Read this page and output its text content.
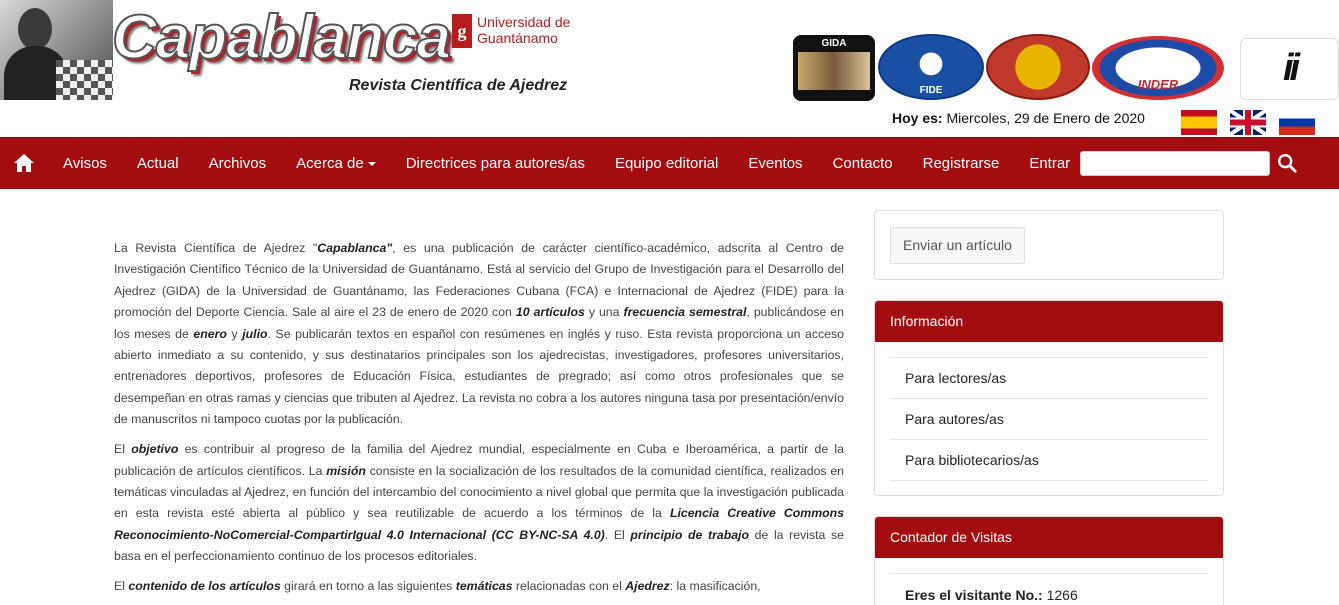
Capablanca g Universidad de
Guantánamo
Revista Científica de Ajedrez
GIDA
FIDE	INDER	ii
Hoy es: Miercoles, 29 de Enero de 2020
Avisos	Actual	Archivos	Acerca de	Directrices para autores/as	Equipo editorial	Eventos	Contacto	Registrarse	Entrar

La Revista Científica de Ajedrez "Capablanca", es una publicación de carácter científico-académico, adscrita al Centro de Investigación Científico Técnico de la Universidad de Guantánamo. Está al servicio del Grupo de Investigación para el Desarrollo del Ajedrez (GIDA) de la Universidad de Guantánamo, las Federaciones Cubana (FCA) e Internacional de Ajedrez (FIDE) para la promoción del Deporte Ciencia. Sale al aire el 23 de enero de 2020 con 10 artículos y una frecuencia semestral, publicándose en los meses de enero y julio. Se publicarán textos en español con resúmenes en inglés y ruso. Esta revista proporciona un acceso abierto inmediato a su contenido, y sus destinatarios principales son los ajedrecistas, investigadores, profesores universitarios, entrenadores deportivos, profesores de Educación Física, estudiantes de pregrado; así como otros profesionales que se desempeñan en otras ramas y ciencias que tributen al Ajedrez. La revista no cobra a los autores ninguna tasa por presentación/envío de manuscritos ni tampoco cuotas por la publicación.

El objetivo es contribuir al progreso de la familia del Ajedrez mundial, especialmente en Cuba e Iberoamérica, a partir de la publicación de artículos científicos. La misión consiste en la socialización de los resultados de la comunidad científica, realizados en temáticas vinculadas al Ajedrez, en función del intercambio del conocimiento a nivel global que permita que la investigación publicada en esta revista esté abierta al público y sea reutilizable de acuerdo a los términos de la Licencia Creative Commons Reconocimiento-NoComercial-CompartirIgual 4.0 Internacional (CC BY-NC-SA 4.0). El principio de trabajo de la revista se basa en el perfeccionamiento continuo de los procesos editoriales.

El contenido de los artículos girará en torno a las siguientes temáticas relacionadas con el Ajedrez: la masificación,

Enviar un artículo
Información
Para lectores/as
Para autores/as
Para bibliotecarios/as
Contador de Visitas
Eres el visitante No.: 1266
